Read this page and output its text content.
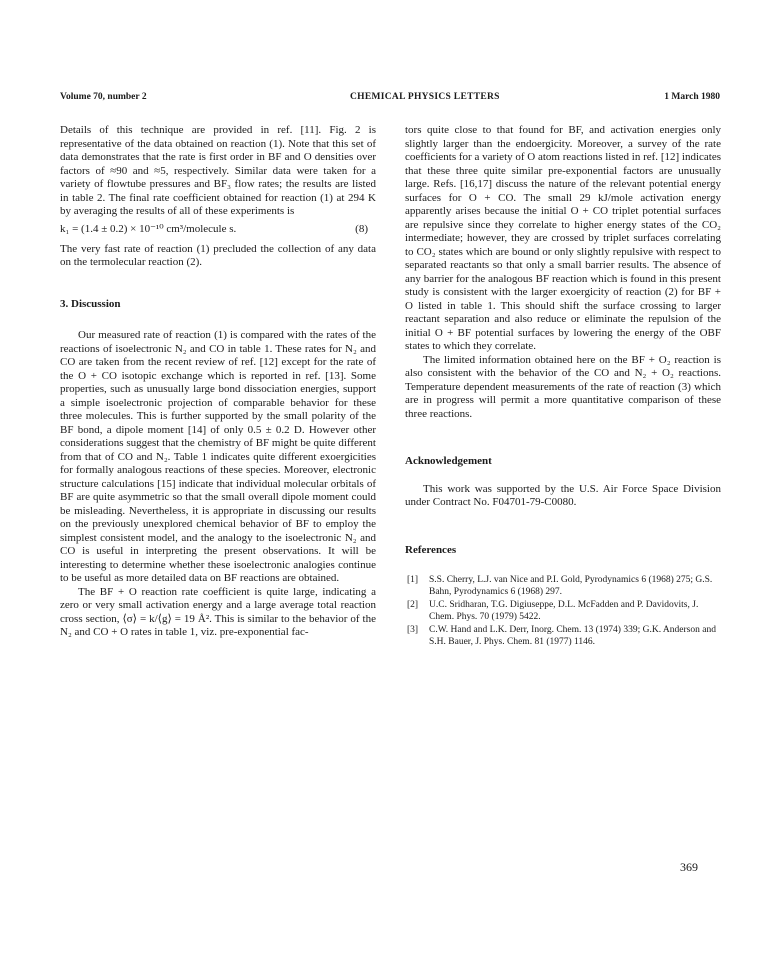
Volume 70, number 2	CHEMICAL PHYSICS LETTERS	1 March 1980

Details of this technique are provided in ref. [11]. Fig. 2 is representative of the data obtained on reaction (1). Note that this set of data demonstrates that the rate is first order in BF and O densities over factors of ≈90 and ≈5, respectively. Similar data were taken for a variety of flowtube pressures and BF₃ flow rates; the results are listed in table 2. The final rate coefficient obtained for reaction (1) at 294 K by averaging the results of all of these experiments is

k₁ = (1.4 ± 0.2) × 10⁻¹⁰ cm³/molecule s.	(8)

The very fast rate of reaction (1) precluded the collection of any data on the termolecular reaction (2).

3. Discussion

Our measured rate of reaction (1) is compared with the rates of the reactions of isoelectronic N₂ and CO in table 1. These rates for N₂ and CO are taken from the recent review of ref. [12] except for the rate of the O + CO isotopic exchange which is reported in ref. [13]. Some properties, such as unusually large bond dissociation energies, support a simple isoelectronic projection of comparable behavior for these three molecules. This is further supported by the small polarity of the BF bond, a dipole moment [14] of only 0.5 ± 0.2 D. However other considerations suggest that the chemistry of BF might be quite different from that of CO and N₂. Table 1 indicates quite different exoergicities for formally analogous reactions of these species. Moreover, electronic structure calculations [15] indicate that individual molecular orbitals of BF are quite asymmetric so that the small overall dipole moment could be misleading. Nevertheless, it is appropriate in discussing our results on the previously unexplored chemical behavior of BF to employ the simplest consistent model, and the analogy to the isoelectronic N₂ and CO is useful in interpreting the present observations. It will be interesting to determine whether these isoelectronic analogies continue to be useful as more detailed data on BF reactions are obtained.

The BF + O reaction rate coefficient is quite large, indicating a zero or very small activation energy and a large average total reaction cross section, ⟨σ⟩ = k/⟨g⟩ = 19 Å². This is similar to the behavior of the N₂ and CO + O rates in table 1, viz. pre-exponential fac-

tors quite close to that found for BF, and activation energies only slightly larger than the endoergicity. Moreover, a survey of the rate coefficients for a variety of O atom reactions listed in ref. [12] indicates that these three quite similar pre-exponential factors are unusually large. Refs. [16,17] discuss the nature of the relevant potential energy surfaces for O + CO. The small 29 kJ/mole activation energy apparently arises because the initial O + CO triplet potential surfaces are repulsive since they correlate to higher energy states of the CO₂ intermediate; however, they are crossed by triplet surfaces correlating to CO₂ states which are bound or only slightly repulsive with respect to separated reactants so that only a small barrier results. The absence of any barrier for the analogous BF reaction which is found in this present study is consistent with the larger exoergicity of reaction (2) for BF + O listed in table 1. This should shift the surface crossing to larger reactant separation and also reduce or eliminate the repulsion of the initial O + BF potential surfaces by lowering the energy of the OBF states to which they correlate.

The limited information obtained here on the BF + O₂ reaction is also consistent with the behavior of the CO and N₂ + O₂ reactions. Temperature dependent measurements of the rate of reaction (3) which are in progress will permit a more quantitative comparison of these three reactions.

Acknowledgement

This work was supported by the U.S. Air Force Space Division under Contract No. F04701-79-C0080.

References
[1] S.S. Cherry, L.J. van Nice and P.I. Gold, Pyrodynamics 6 (1968) 275; G.S. Bahn, Pyrodynamics 6 (1968) 297.
[2] U.C. Sridharan, T.G. Digiuseppe, D.L. McFadden and P. Davidovits, J. Chem. Phys. 70 (1979) 5422.
[3] C.W. Hand and L.K. Derr, Inorg. Chem. 13 (1974) 339; G.K. Anderson and S.H. Bauer, J. Phys. Chem. 81 (1977) 1146.
369
